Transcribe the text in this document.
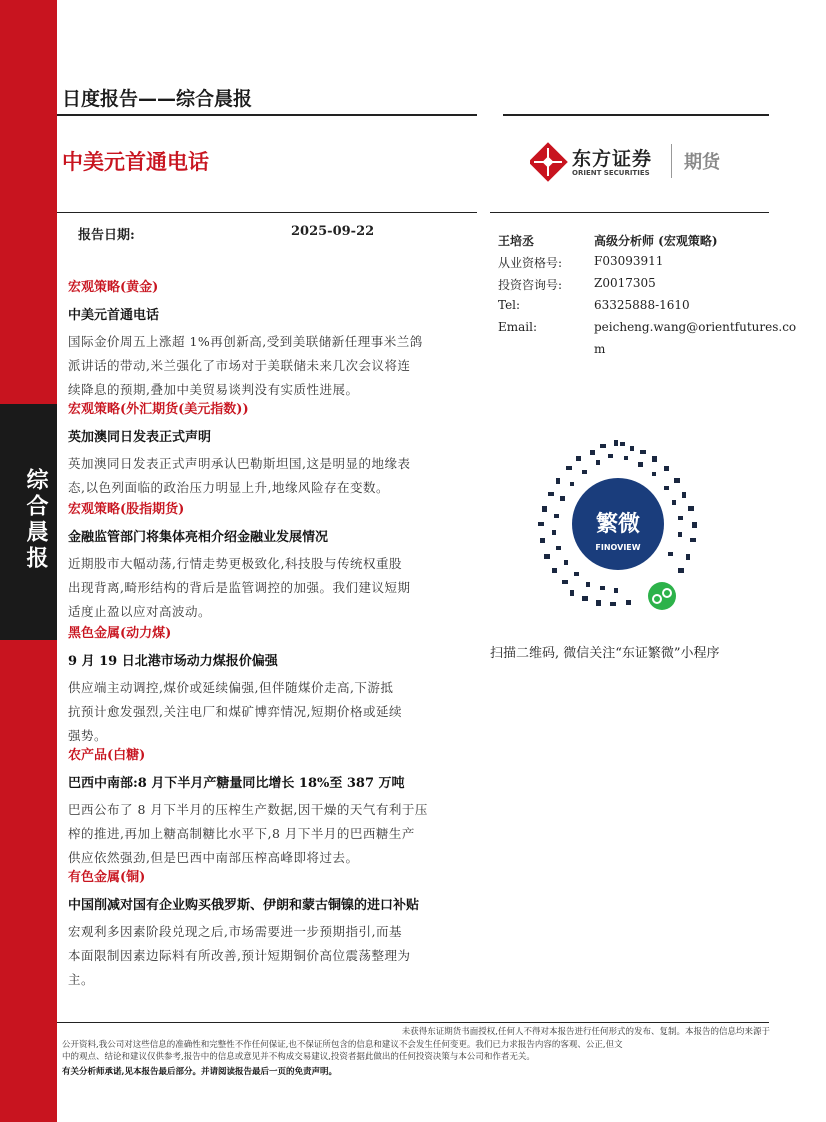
综合晨报
日度报告——综合晨报
中美元首通电话	东方证券
ORIENT SECURITIES 期货
报告日期:	2025-09-22
王培丞	高级分析师 (宏观策略)
从业资格号:	F03093911
投资咨询号:	Z0017305
Tel:	63325888-1610
Email:	peicheng.wang@orientfutures.co
m
繁微
FINOVIEW
扫描二维码, 微信关注“东证繁微”小程序
宏观策略(黄金)
中美元首通电话
国际金价周五上涨超 1%再创新高,受到美联储新任理事米兰鸽
派讲话的带动,米兰强化了市场对于美联储未来几次会议将连
续降息的预期,叠加中美贸易谈判没有实质性进展。
宏观策略(外汇期货(美元指数))
英加澳同日发表正式声明
英加澳同日发表正式声明承认巴勒斯坦国,这是明显的地缘表
态,以色列面临的政治压力明显上升,地缘风险存在变数。
宏观策略(股指期货)
金融监管部门将集体亮相介绍金融业发展情况
近期股市大幅动荡,行情走势更极致化,科技股与传统权重股
出现背离,畸形结构的背后是监管调控的加强。我们建议短期
适度止盈以应对高波动。
黑色金属(动力煤)
9 月 19 日北港市场动力煤报价偏强
供应端主动调控,煤价或延续偏强,但伴随煤价走高,下游抵
抗预计愈发强烈,关注电厂和煤矿博弈情况,短期价格或延续
强势。
农产品(白糖)
巴西中南部:8 月下半月产糖量同比增长 18%至 387 万吨
巴西公布了 8 月下半月的压榨生产数据,因干燥的天气有利于压
榨的推进,再加上糖高制糖比水平下,8 月下半月的巴西糖生产
供应依然强劲,但是巴西中南部压榨高峰即将过去。
有色金属(铜)
中国削减对国有企业购买俄罗斯、伊朗和蒙古铜镍的进口补贴
宏观利多因素阶段兑现之后,市场需要进一步预期指引,而基
本面限制因素边际料有所改善,预计短期铜价高位震荡整理为
主。
未获得东证期货书面授权,任何人不得对本报告进行任何形式的发布、复制。本报告的信息均来源于
公开资料,我公司对这些信息的准确性和完整性不作任何保证,也不保证所包含的信息和建议不会发生任何变更。我们已力求报告内容的客观、公正,但文
中的观点、结论和建议仅供参考,报告中的信息或意见并不构成交易建议,投资者据此做出的任何投资决策与本公司和作者无关。
有关分析师承诺,见本报告最后部分。并请阅读报告最后一页的免责声明。
